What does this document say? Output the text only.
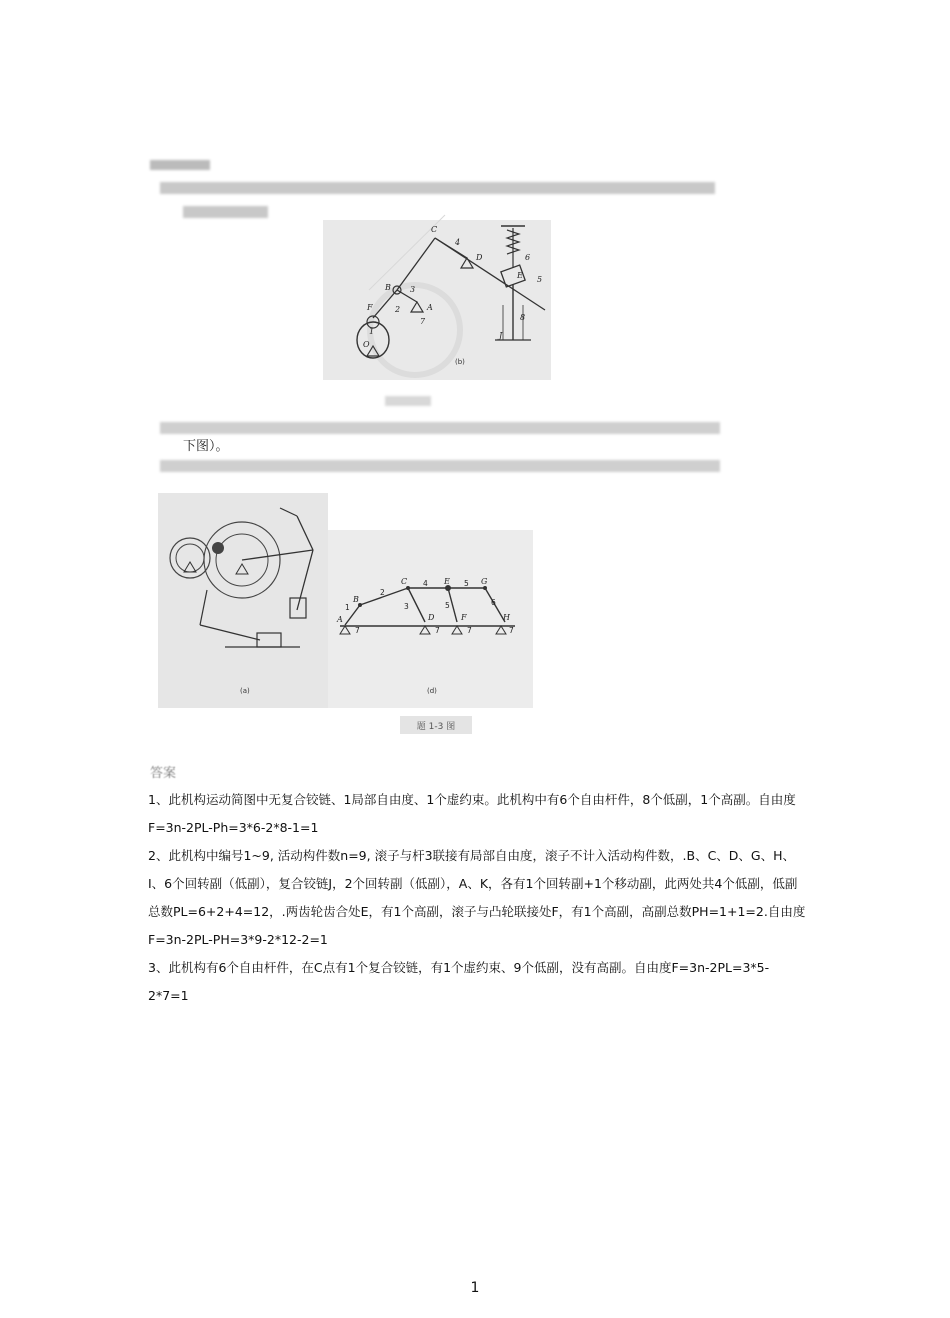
C
D
E
B
F	A
O
J
4
6
5
3
2
1
7	8
(b)
下图）。
(a)
A
B
C
D
E
F
G
H
1
2
3
4
5
5
6
7	7	7	7
(d)
题 1-3 图
答案

1、此机构运动简图中无复合铰链、1局部自由度、1个虚约束。此机构中有6个自由杆件，8个低副，1个高副。自由度F=3n-2PL-Ph=3*6-2*8-1=1

2、此机构中编号1~9, 活动构件数n=9, 滚子与杆3联接有局部自由度，滚子不计入活动构件数，.B、C、D、G、H、I、6个回转副（低副），复合铰链J，2个回转副（低副），A、K，各有1个回转副+1个移动副，此两处共4个低副，低副总数PL=6+2+4=12，.两齿轮齿合处E，有1个高副，滚子与凸轮联接处F，有1个高副，高副总数PH=1+1=2.自由度F=3n-2PL-PH=3*9-2*12-2=1

3、此机构有6个自由杆件，在C点有1个复合铰链，有1个虚约束、9个低副，没有高副。自由度F=3n-2PL=3*5-2*7=1

1
